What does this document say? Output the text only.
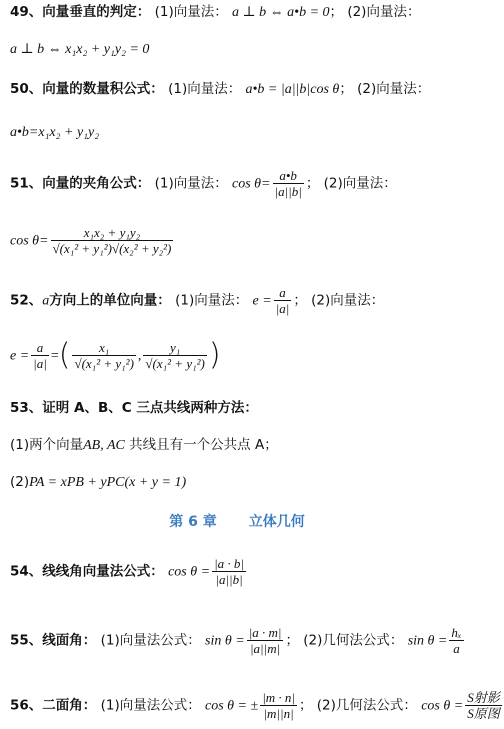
49、向量垂直的判定： (1)向量法： a ⊥ b ⇔ a•b = 0； (2)向量法：
a ⊥ b ⇔ x₁x₂ + y₁y₂ = 0
50、向量的数量积公式： (1)向量法： a•b = |a||b|cos θ； (2)向量法：
a•b=x₁x₂ + y₁y₂
51、向量的夹角公式： (1)向量法： $\cos \theta= \frac{a•b}{|a||b|}$ ； (2)向量法：
$\cos \theta= \frac{\text{x₁x₂ + y₁y₂}}{\text{√(x₁² + y₁²)√(x₂² + y₂²)}}$
52、a方向上的单位向量： (1)向量法： $e = \frac{a}{|a|}$ ； (2)向量法：
$e = \frac{a}{|a|}$ =( $\frac{\text{x₁}}{\text{√(x₁² + y₁²)}}$ , $\frac{\text{y₁}}{\text{√(x₁² + y₁²)}}$ )
53、证明 A、B、C 三点共线两种方法：
(1)两个向量AB, AC 共线且有一个公共点 A；
(2)PA = xPB + yPC(x + y = 1)
第 6 章 立体几何
54、线线角向量法公式： $\cos \theta = \frac{|a \cdot b|}{|a||b|}$
55、线面角： (1)向量法公式： $\sin \theta = \frac{|a \cdot m|}{|a||m|}$ ； (2)几何法公式： $\sin \theta = \frac{\text{hₓ}}{a}$
56、二面角： (1)向量法公式： cos θ = ± $\frac{|m \cdot n|}{|m||n|}$ ； (2)几何法公式： $\cos \theta = \frac{\text{S射影}}{\text{S原图}}$
